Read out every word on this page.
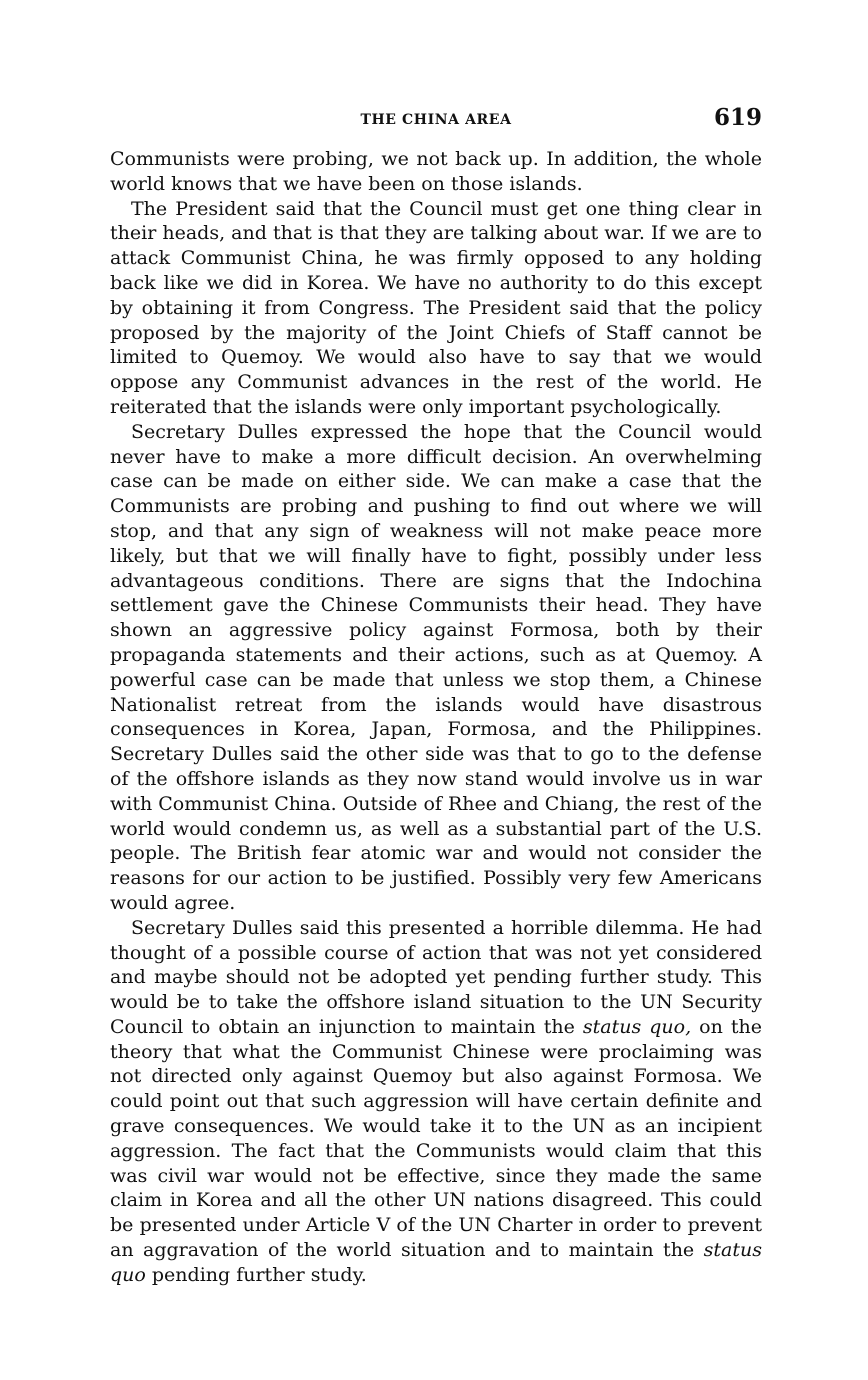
THE CHINA AREA	619

Communists were probing, we not back up. In addition, the whole world knows that we have been on those islands.

The President said that the Council must get one thing clear in their heads, and that is that they are talking about war. If we are to attack Communist China, he was firmly opposed to any holding back like we did in Korea. We have no authority to do this except by obtaining it from Congress. The President said that the policy proposed by the majority of the Joint Chiefs of Staff cannot be limited to Quemoy. We would also have to say that we would oppose any Communist advances in the rest of the world. He reiterated that the islands were only important psychologically.

Secretary Dulles expressed the hope that the Council would never have to make a more difficult decision. An overwhelming case can be made on either side. We can make a case that the Communists are probing and pushing to find out where we will stop, and that any sign of weakness will not make peace more likely, but that we will finally have to fight, possibly under less advantageous conditions. There are signs that the Indochina settlement gave the Chinese Communists their head. They have shown an aggressive policy against Formosa, both by their propaganda statements and their actions, such as at Quemoy. A powerful case can be made that unless we stop them, a Chinese Nationalist retreat from the islands would have disastrous consequences in Korea, Japan, Formosa, and the Philippines. Secretary Dulles said the other side was that to go to the defense of the offshore islands as they now stand would involve us in war with Communist China. Outside of Rhee and Chiang, the rest of the world would condemn us, as well as a substantial part of the U.S. people. The British fear atomic war and would not consider the reasons for our action to be justified. Possibly very few Americans would agree.

Secretary Dulles said this presented a horrible dilemma. He had thought of a possible course of action that was not yet considered and maybe should not be adopted yet pending further study. This would be to take the offshore island situation to the UN Security Council to obtain an injunction to maintain the status quo, on the theory that what the Communist Chinese were proclaiming was not directed only against Quemoy but also against Formosa. We could point out that such aggression will have certain definite and grave consequences. We would take it to the UN as an incipient aggression. The fact that the Communists would claim that this was civil war would not be effective, since they made the same claim in Korea and all the other UN nations disagreed. This could be presented under Article V of the UN Charter in order to prevent an aggravation of the world situation and to maintain the status quo pending further study.
